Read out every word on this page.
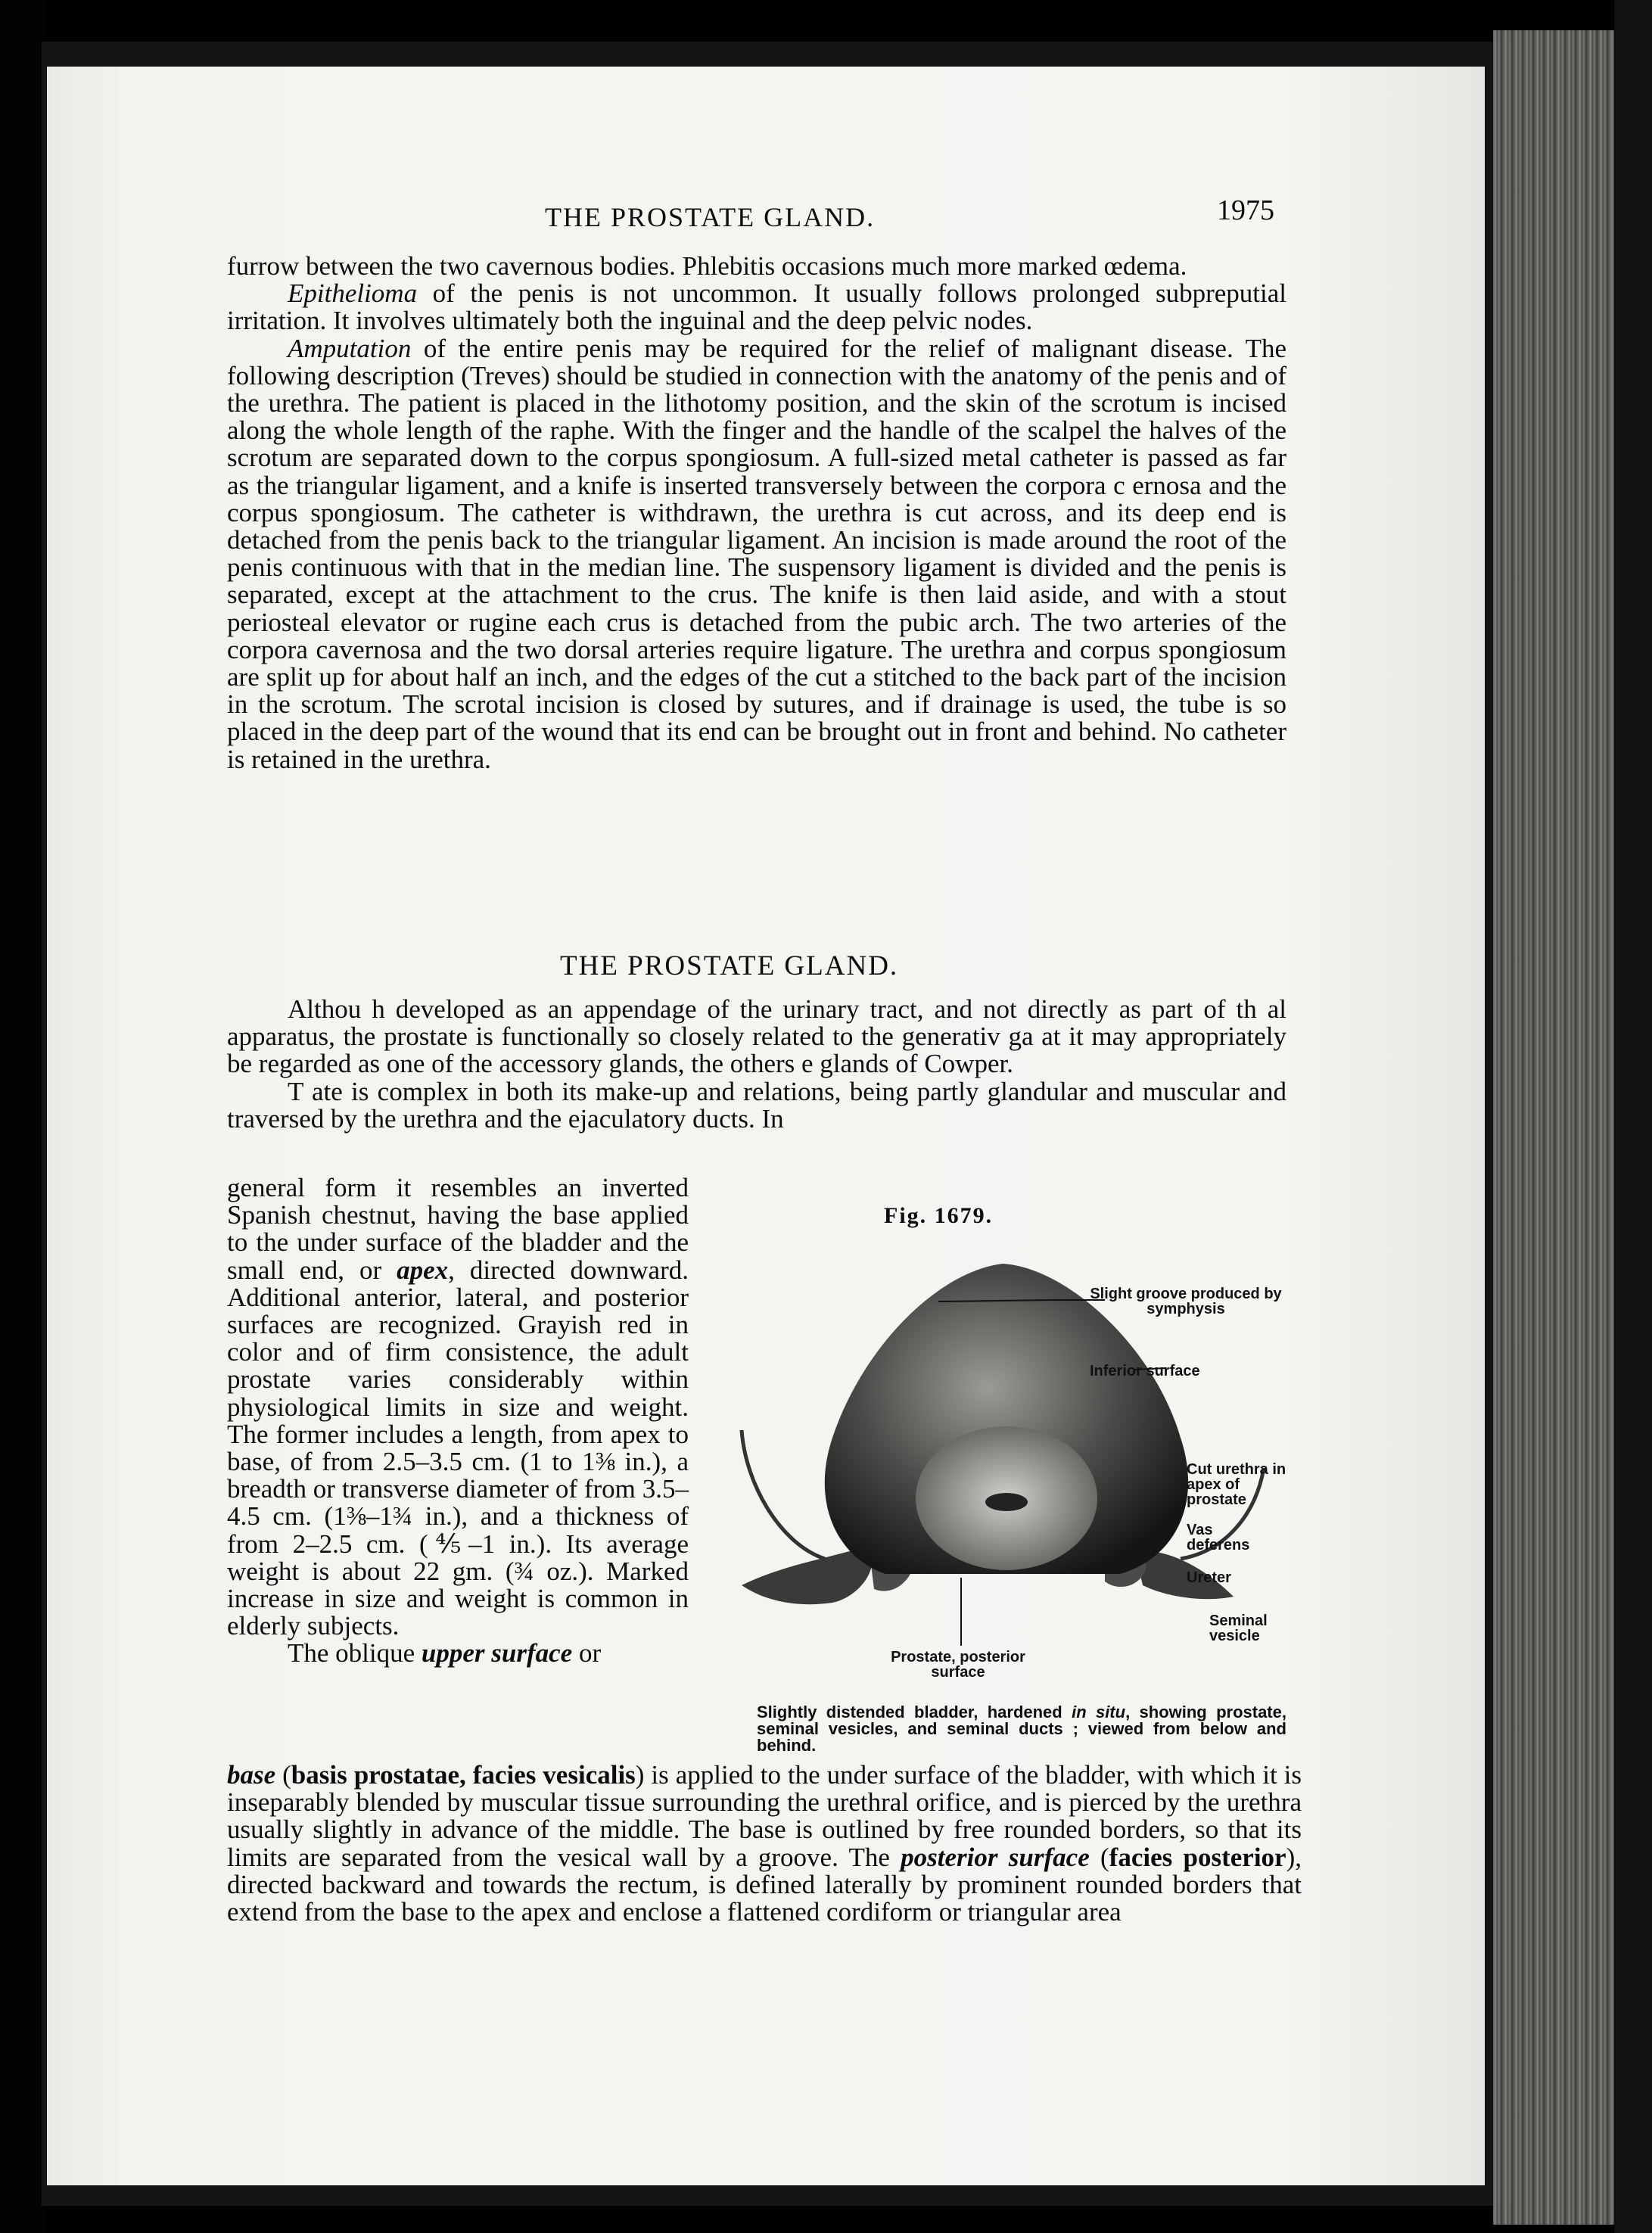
THE PROSTATE GLAND.	1975

furrow between the two cavernous bodies. Phlebitis occasions much more marked œdema.

Epithelioma of the penis is not uncommon. It usually follows prolonged subpreputial irritation. It involves ultimately both the inguinal and the deep pelvic nodes.

Amputation of the entire penis may be required for the relief of malignant disease. The following description (Treves) should be studied in connection with the anatomy of the penis and of the urethra. The patient is placed in the lithotomy position, and the skin of the scrotum is incised along the whole length of the raphe. With the finger and the handle of the scalpel the halves of the scrotum are separated down to the corpus spongiosum. A full-sized metal catheter is passed as far as the triangular ligament, and a knife is inserted transversely between the corpora c ernosa and the corpus spongiosum. The catheter is withdrawn, the urethra is cut across, and its deep end is detached from the penis back to the triangular ligament. An incision is made around the root of the penis continuous with that in the median line. The suspensory ligament is divided and the penis is separated, except at the attachment to the crus. The knife is then laid aside, and with a stout periosteal elevator or rugine each crus is detached from the pubic arch. The two arteries of the corpora cavernosa and the two dorsal arteries require ligature. The urethra and corpus spongiosum are split up for about half an inch, and the edges of the cut a stitched to the back part of the incision in the scrotum. The scrotal incision is closed by sutures, and if drainage is used, the tube is so placed in the deep part of the wound that its end can be brought out in front and behind. No catheter is retained in the urethra.

THE PROSTATE GLAND.

Althou h developed as an appendage of the urinary tract, and not directly as part of th al apparatus, the prostate is functionally so closely related to the generativ ga at it may appropriately be regarded as one of the accessory glands, the others e glands of Cowper.

T ate is complex in both its make-up and relations, being partly glandular and muscular and traversed by the urethra and the ejaculatory ducts. In

general form it resembles an inverted Spanish chestnut, having the base applied to the under surface of the bladder and the small end, or apex, directed downward. Additional anterior, lateral, and posterior surfaces are recognized. Grayish red in color and of firm consistence, the adult prostate varies considerably within physiological limits in size and weight. The former includes a length, from apex to base, of from 2.5–3.5 cm. (1 to 1⅜ in.), a breadth or transverse diameter of from 3.5–4.5 cm. (1⅜–1¾ in.), and a thickness of from 2–2.5 cm. (⅘–1 in.). Its average weight is about 22 gm. (¾ oz.). Marked increase in size and weight is common in elderly subjects.

The oblique upper surface or

base (basis prostatae, facies vesicalis) is applied to the under surface of the bladder, with which it is inseparably blended by muscular tissue surrounding the urethral orifice, and is pierced by the urethra usually slightly in advance of the middle. The base is outlined by free rounded borders, so that its limits are separated from the vesical wall by a groove. The posterior surface (facies posterior), directed backward and towards the rectum, is defined laterally by prominent rounded borders that extend from the base to the apex and enclose a flattened cordiform or triangular area

Fig. 1679.
Slight groove produced by symphysis
Inferior surface
Cut urethra in apex of prostate
Vas deferens
Ureter
Seminal vesicle
Prostate, posterior surface
Slightly distended bladder, hardened in situ, showing prostate, seminal vesicles, and seminal ducts ; viewed from below and behind.
